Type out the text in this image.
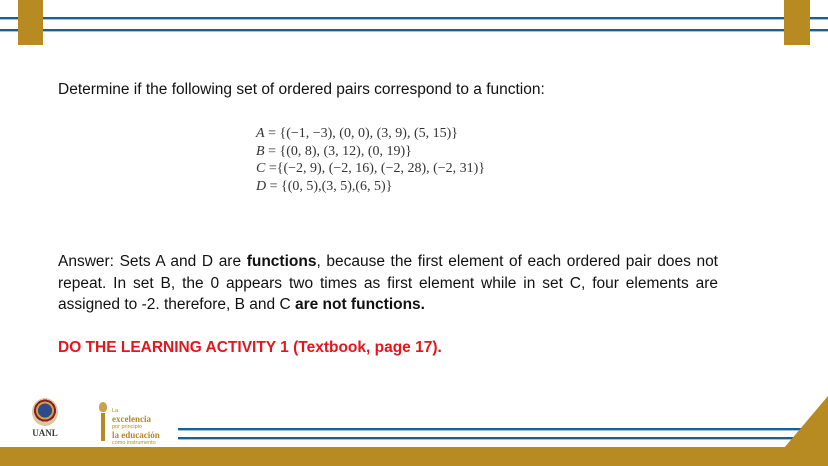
Determine if the following set of ordered pairs correspond to a function:
A = {(−1, −3), (0, 0), (3, 9), (5, 15)}
B = {(0, 8), (3, 12), (0, 19)}
C ={(−2, 9), (−2, 16), (−2, 28), (−2, 31)}
D = {(0, 5),(3, 5),(6, 5)}
Answer: Sets A and D are functions, because the first element of each ordered pair does not repeat. In set B, the 0 appears two times as first element while in set C, four elements are assigned to -2. therefore, B and C are not functions.
DO THE LEARNING ACTIVITY 1 (Textbook, page 17).
UANL
La
excelencia
por principio
la educación
como instrumento
